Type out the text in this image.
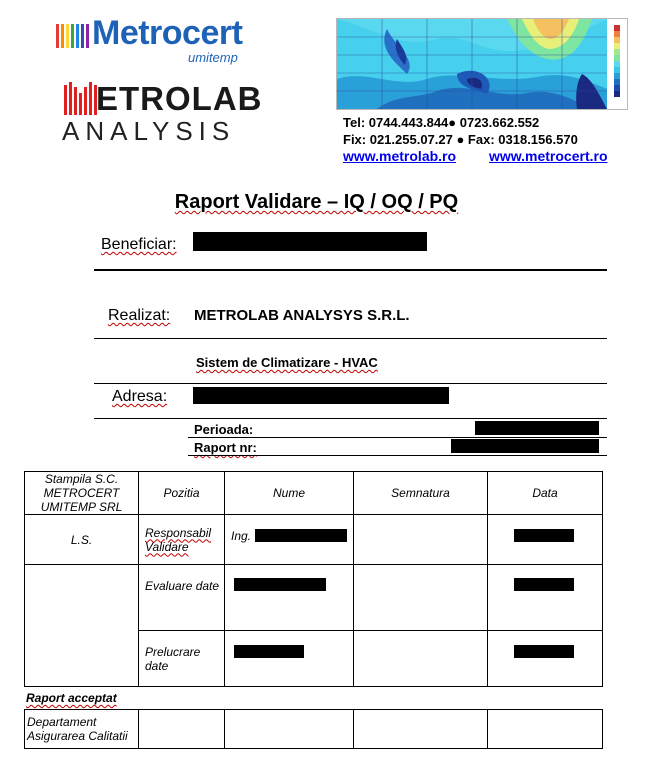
Metrocert
umitemp
ETROLAB
ANALYSIS	Tel: 0744.443.844● 0723.662.552
Fix: 021.255.07.27 ● Fax: 0318.156.570
www.metrolab.ro www.metrocert.ro
Raport Validare – IQ / OQ / PQ
Beneficiar:
Realizat: METROLAB ANALYSYS S.R.L.
Sistem de Climatizare - HVAC
Adresa:
Perioada:
Raport nr:
Stampila S.C. METROCERT UMITEMP SRL	Pozitia	Nume	Semnatura	Data
L.S.	Responsabil Validare	Ing.		

	Evaluare date	

	Prelucrare date	

Raport acceptat
Departament Asigurarea Calitatii				
